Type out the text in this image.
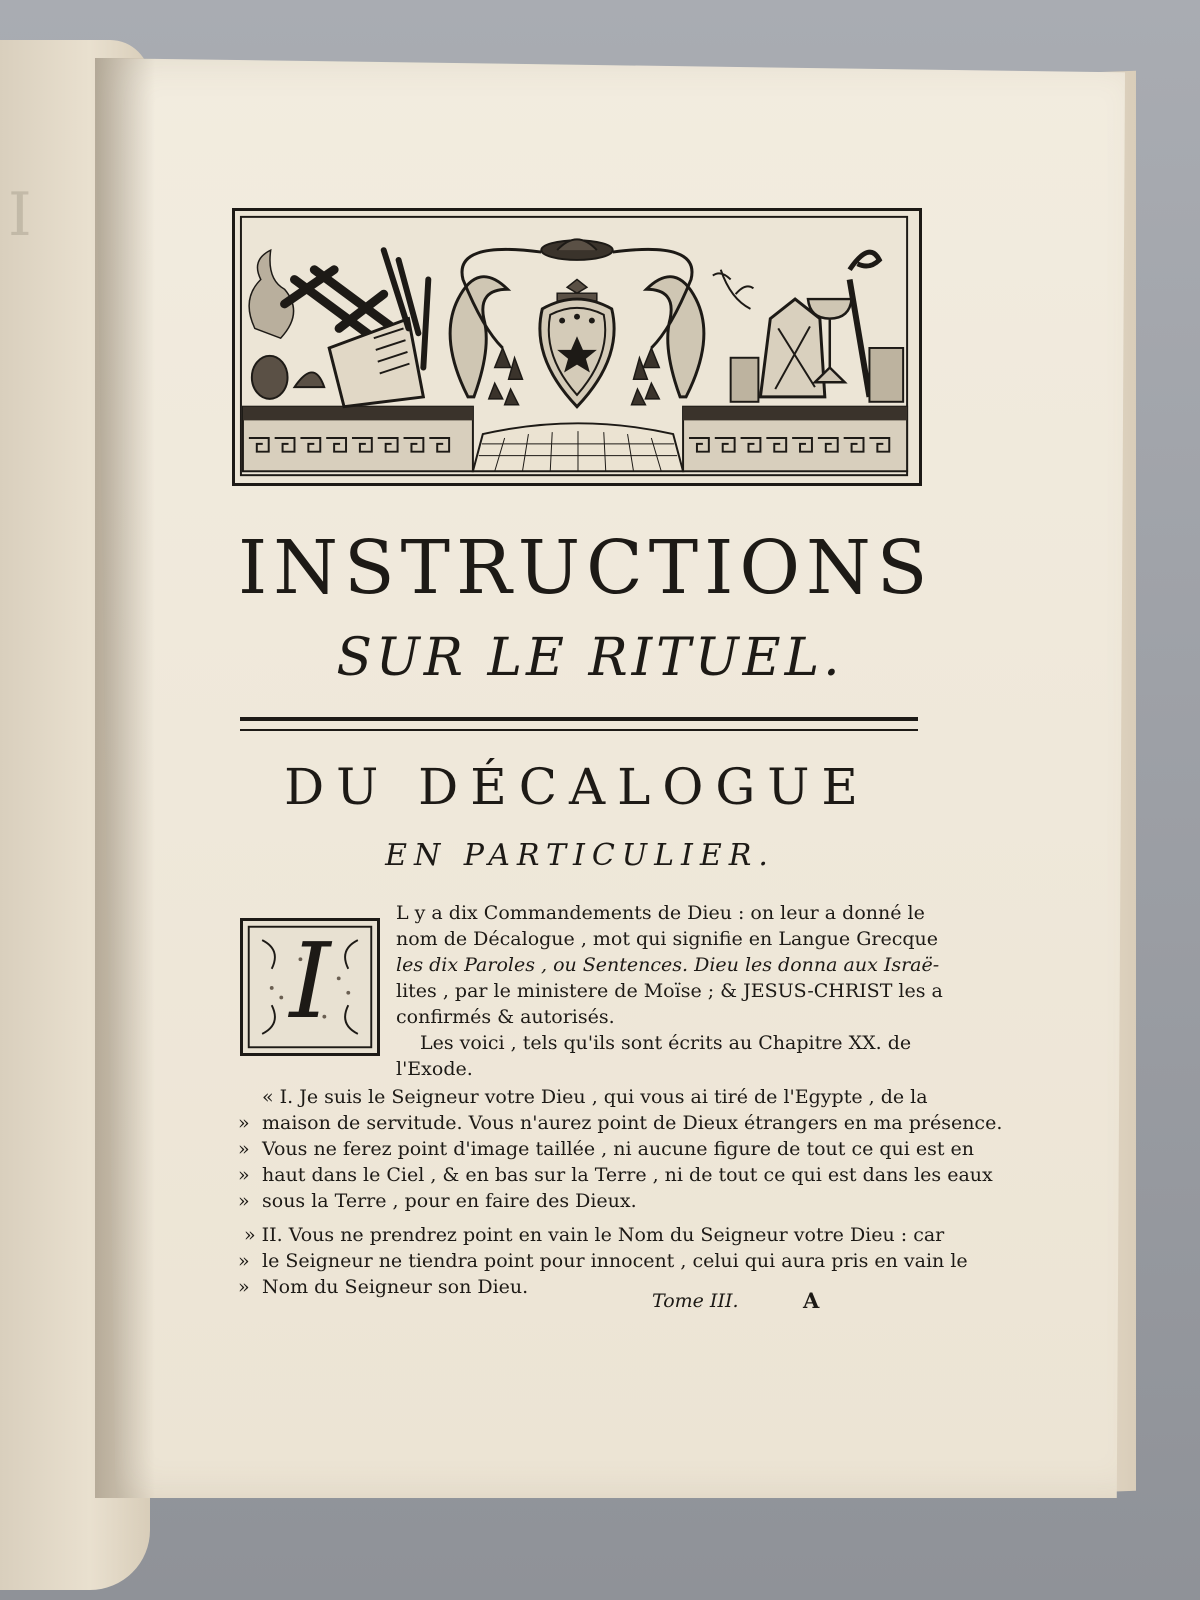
I
INSTRUCTIONS
SUR LE RITUEL.
DU DÉCALOGUE
EN PARTICULIER.
I
L y a dix Commandements de Dieu : on leur a donné le
nom de Décalogue , mot qui signifie en Langue Grecque
les dix Paroles , ou Sentences. Dieu les donna aux Israë-
lites , par le ministere de Moïse ; & JESUS-CHRIST les a
confirmés & autorisés.
Les voici , tels qu'ils sont écrits au Chapitre XX. de
l'Exode.
« I. Je suis le Seigneur votre Dieu , qui vous ai tiré de l'Egypte , de la
» maison de servitude. Vous n'aurez point de Dieux étrangers en ma présence.
» Vous ne ferez point d'image taillée , ni aucune figure de tout ce qui est en
» haut dans le Ciel , & en bas sur la Terre , ni de tout ce qui est dans les eaux
» sous la Terre , pour en faire des Dieux.
» II. Vous ne prendrez point en vain le Nom du Seigneur votre Dieu : car
» le Seigneur ne tiendra point pour innocent , celui qui aura pris en vain le
» Nom du Seigneur son Dieu.
Tome III.	A
